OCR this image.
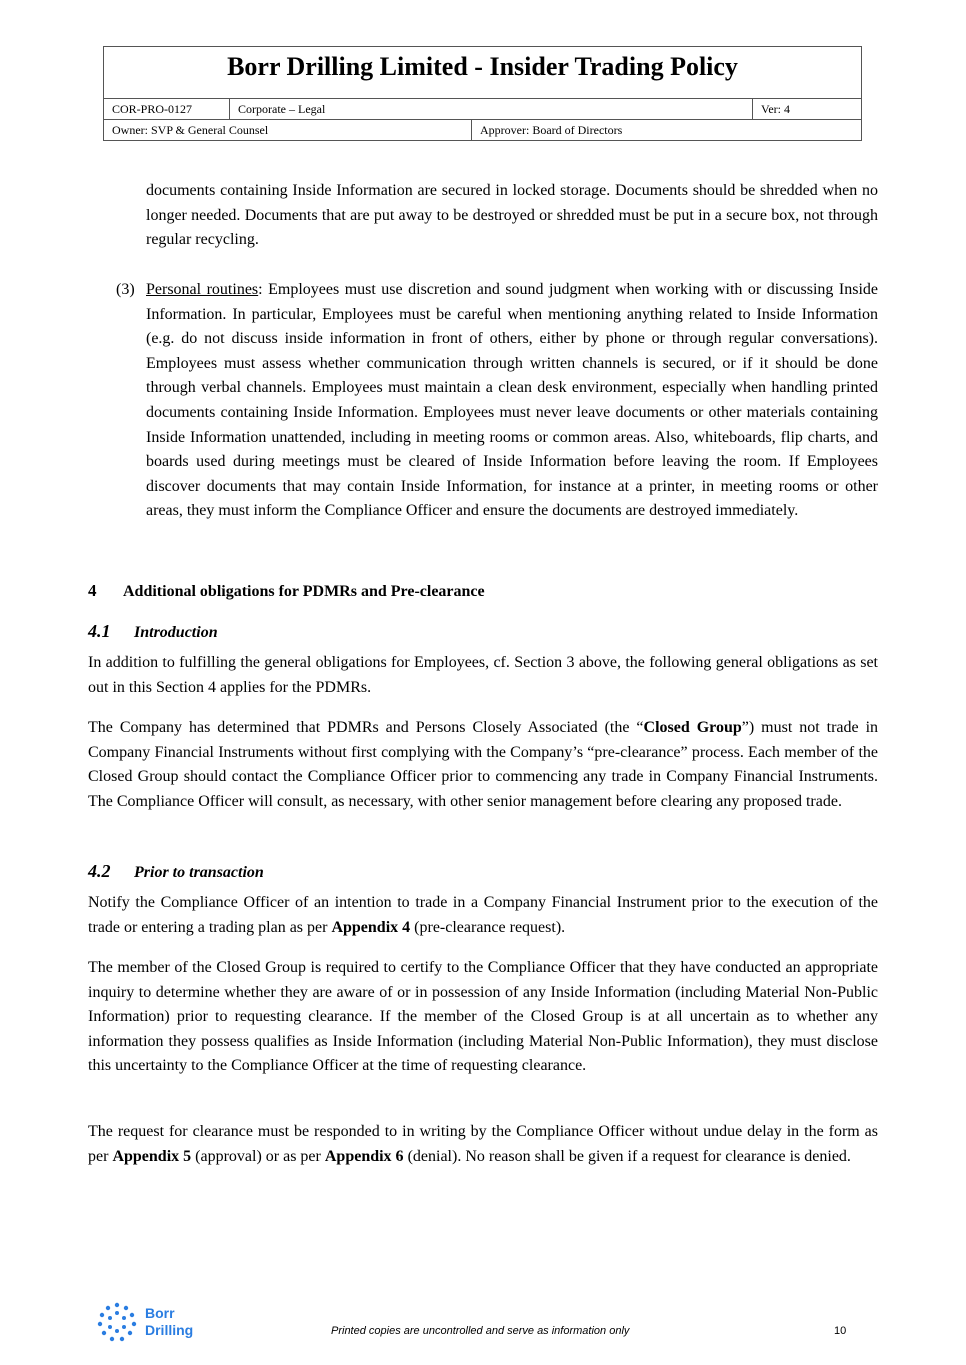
Borr Drilling Limited - Insider Trading Policy
COR-PRO-0127	Corporate – Legal	Ver: 4
Owner: SVP & General Counsel	Approver: Board of Directors
documents containing Inside Information are secured in locked storage. Documents should be shredded when no longer needed. Documents that are put away to be destroyed or shredded must be put in a secure box, not through regular recycling.
(3) Personal routines: Employees must use discretion and sound judgment when working with or discussing Inside Information. In particular, Employees must be careful when mentioning anything related to Inside Information (e.g. do not discuss inside information in front of others, either by phone or through regular conversations). Employees must assess whether communication through written channels is secured, or if it should be done through verbal channels. Employees must maintain a clean desk environment, especially when handling printed documents containing Inside Information. Employees must never leave documents or other materials containing Inside Information unattended, including in meeting rooms or common areas. Also, whiteboards, flip charts, and boards used during meetings must be cleared of Inside Information before leaving the room. If Employees discover documents that may contain Inside Information, for instance at a printer, in meeting rooms or other areas, they must inform the Compliance Officer and ensure the documents are destroyed immediately.
4 Additional obligations for PDMRs and Pre-clearance
4.1 Introduction
In addition to fulfilling the general obligations for Employees, cf. Section 3 above, the following general obligations as set out in this Section 4 applies for the PDMRs.
The Company has determined that PDMRs and Persons Closely Associated (the “Closed Group”) must not trade in Company Financial Instruments without first complying with the Company’s “pre-clearance” process. Each member of the Closed Group should contact the Compliance Officer prior to commencing any trade in Company Financial Instruments. The Compliance Officer will consult, as necessary, with other senior management before clearing any proposed trade.
4.2 Prior to transaction
Notify the Compliance Officer of an intention to trade in a Company Financial Instrument prior to the execution of the trade or entering a trading plan as per Appendix 4 (pre-clearance request).
The member of the Closed Group is required to certify to the Compliance Officer that they have conducted an appropriate inquiry to determine whether they are aware of or in possession of any Inside Information (including Material Non-Public Information) prior to requesting clearance. If the member of the Closed Group is at all uncertain as to whether any information they possess qualifies as Inside Information (including Material Non-Public Information), they must disclose this uncertainty to the Compliance Officer at the time of requesting clearance.
The request for clearance must be responded to in writing by the Compliance Officer without undue delay in the form as per Appendix 5 (approval) or as per Appendix 6 (denial). No reason shall be given if a request for clearance is denied.
Borr
Drilling	Printed copies are uncontrolled and serve as information only	10
